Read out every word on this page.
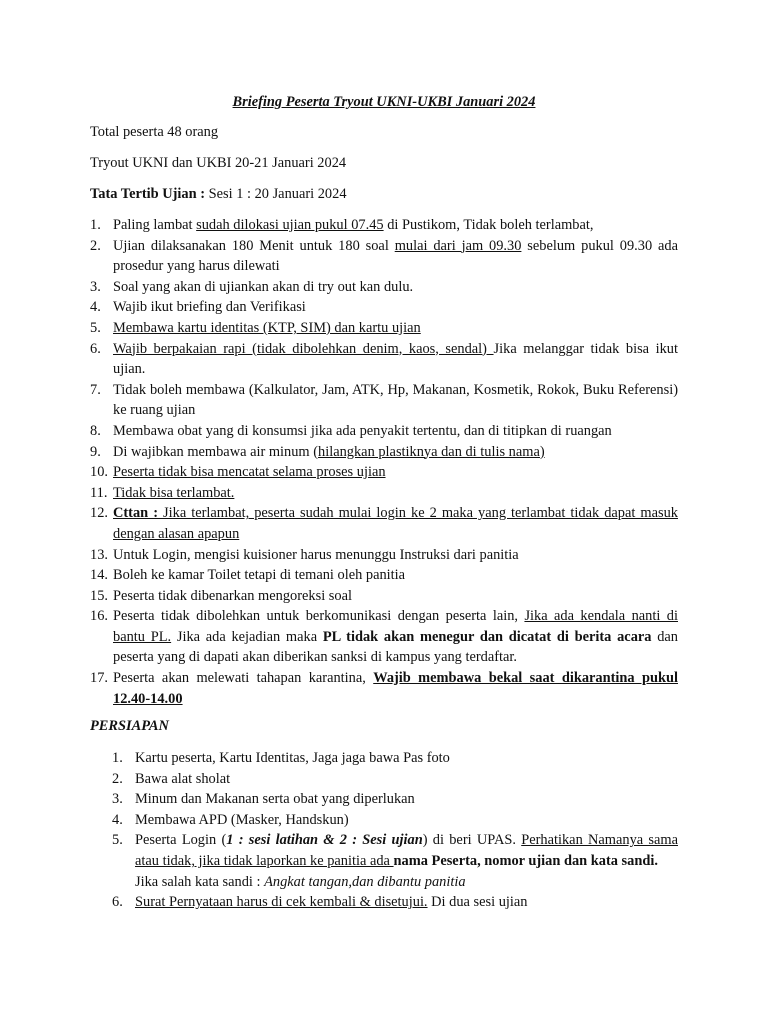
Briefing Peserta Tryout UKNI-UKBI Januari 2024
Total peserta 48 orang
Tryout UKNI dan UKBI 20-21 Januari 2024
Tata Tertib Ujian : Sesi 1 : 20 Januari 2024
1. Paling lambat sudah dilokasi ujian pukul 07.45 di Pustikom, Tidak boleh terlambat,
2. Ujian dilaksanakan 180 Menit untuk 180 soal mulai dari jam 09.30 sebelum pukul 09.30 ada prosedur yang harus dilewati
3. Soal yang akan di ujiankan akan di try out kan dulu.
4. Wajib ikut briefing dan Verifikasi
5. Membawa kartu identitas (KTP, SIM) dan kartu ujian
6. Wajib berpakaian rapi (tidak dibolehkan denim, kaos, sendal) Jika melanggar tidak bisa ikut ujian.
7. Tidak boleh membawa (Kalkulator, Jam, ATK, Hp, Makanan, Kosmetik, Rokok, Buku Referensi) ke ruang ujian
8. Membawa obat yang di konsumsi jika ada penyakit tertentu, dan di titipkan di ruangan
9. Di wajibkan membawa air minum (hilangkan plastiknya dan di tulis nama)
10. Peserta tidak bisa mencatat selama proses ujian
11. Tidak bisa terlambat.
12. Cttan : Jika terlambat, peserta sudah mulai login ke 2 maka yang terlambat tidak dapat masuk dengan alasan apapun
13. Untuk Login, mengisi kuisioner harus menunggu Instruksi dari panitia
14. Boleh ke kamar Toilet tetapi di temani oleh panitia
15. Peserta tidak dibenarkan mengoreksi soal
16. Peserta tidak dibolehkan untuk berkomunikasi dengan peserta lain, Jika ada kendala nanti di bantu PL. Jika ada kejadian maka PL tidak akan menegur dan dicatat di berita acara dan peserta yang di dapati akan diberikan sanksi di kampus yang terdaftar.
17. Peserta akan melewati tahapan karantina, Wajib membawa bekal saat dikarantina pukul 12.40-14.00
PERSIAPAN
1. Kartu peserta, Kartu Identitas, Jaga jaga bawa Pas foto
2. Bawa alat sholat
3. Minum dan Makanan serta obat yang diperlukan
4. Membawa APD (Masker, Handskun)
5. Peserta Login (1 : sesi latihan & 2 : Sesi ujian) di beri UPAS. Perhatikan Namanya sama atau tidak, jika tidak laporkan ke panitia ada nama Peserta, nomor ujian dan kata sandi.
Jika salah kata sandi : Angkat tangan,dan dibantu panitia
6. Surat Pernyataan harus di cek kembali & disetujui. Di dua sesi ujian
